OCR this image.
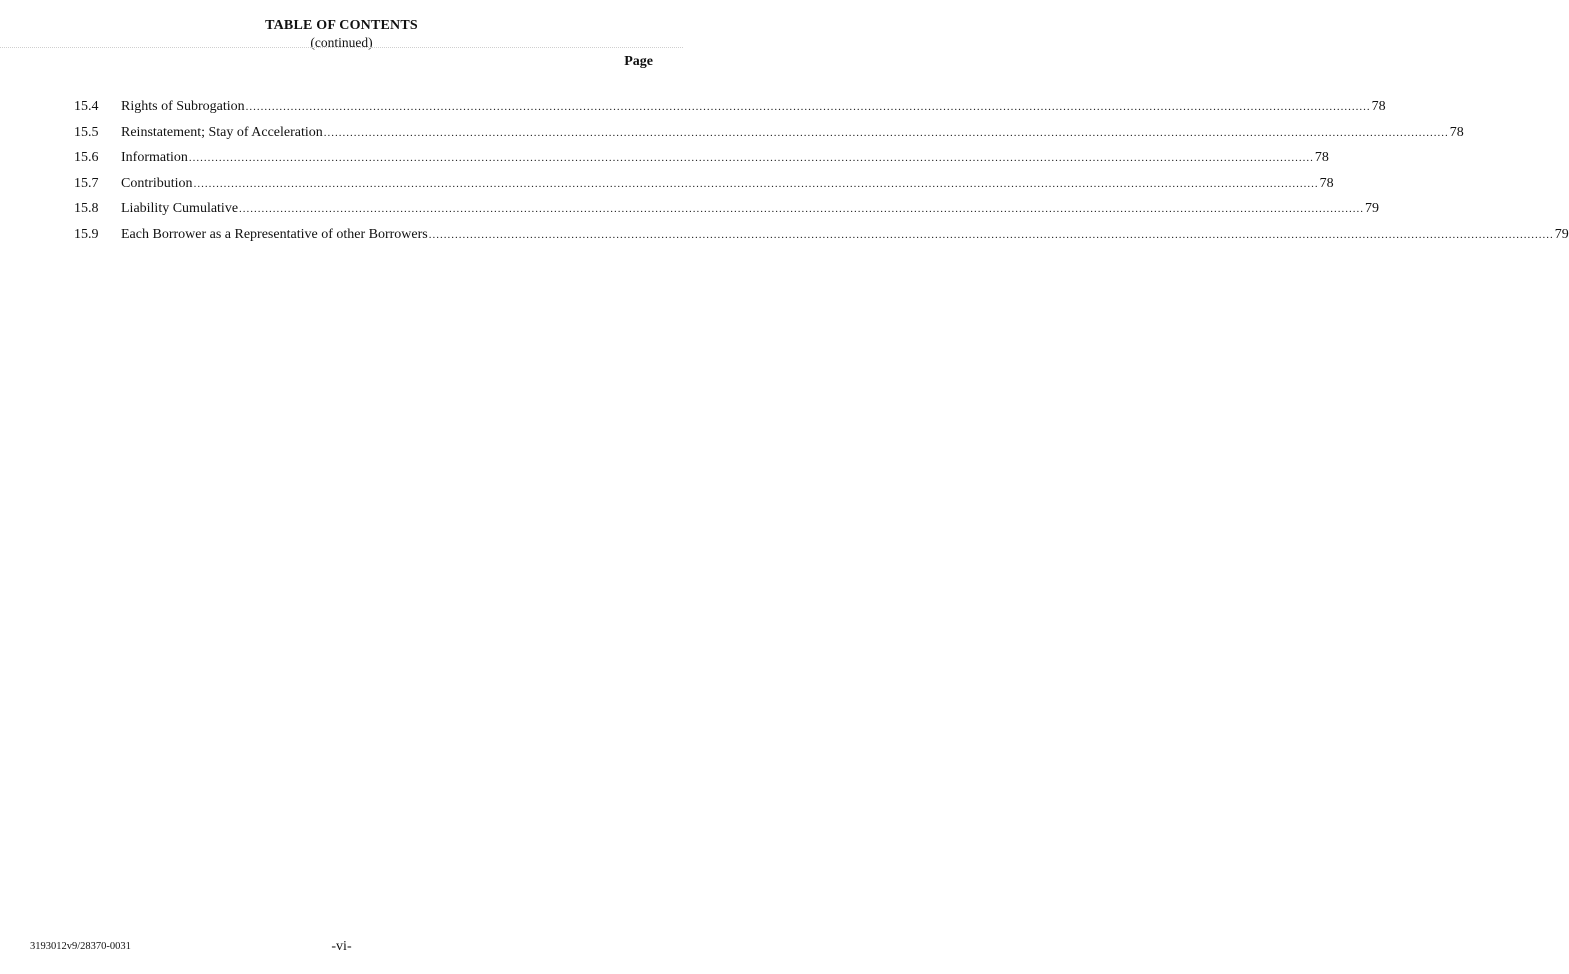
TABLE OF CONTENTS
(continued)
Page
15.4 Rights of Subrogation ............................................................................................................................................................................................................................................................................................................ 78
15.5 Reinstatement; Stay of Acceleration ............................................................................................................................................................................................................................................................................................................ 78
15.6 Information ............................................................................................................................................................................................................................................................................................................ 78
15.7 Contribution ............................................................................................................................................................................................................................................................................................................ 78
15.8 Liability Cumulative ............................................................................................................................................................................................................................................................................................................ 79
15.9 Each Borrower as a Representative of other Borrowers ............................................................................................................................................................................................................................................................................................................ 79
3193012v9/28370-0031	-vi-
